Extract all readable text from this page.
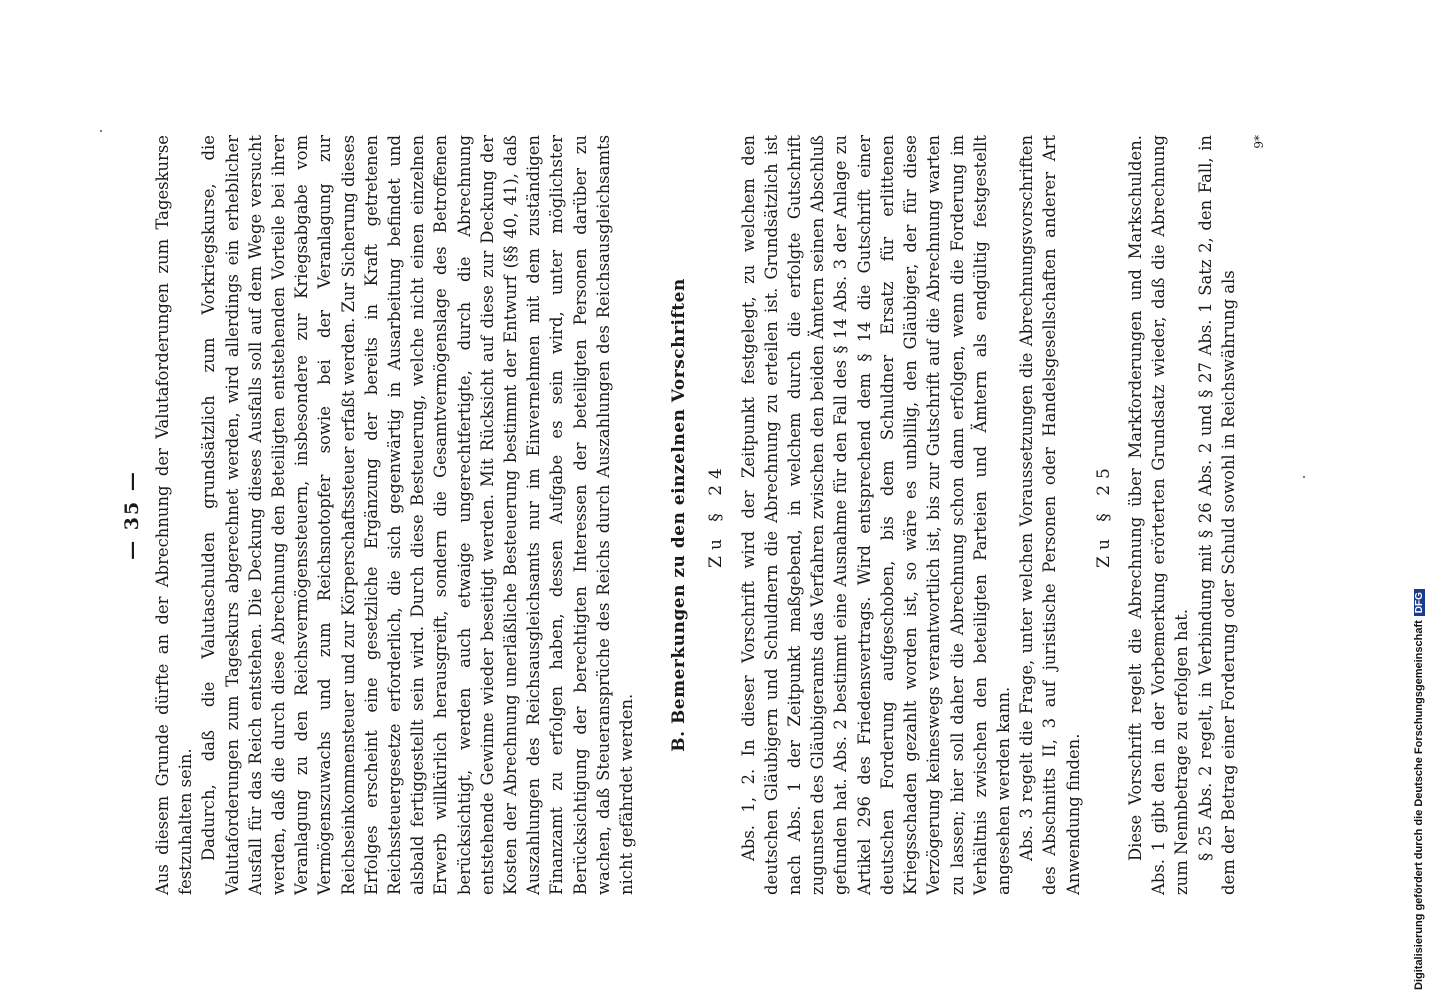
— 35 — Aus diesem Grunde dürfte an der Abrechnung der Valutaforderungen zum Tageskurse festzuhalten sein. Dadurch, daß die Valutaschulden grundsätzlich zum Vorkriegskurse, die Valutaforderungen zum Tageskurs abgerechnet werden, wird allerdings ein erheblicher Ausfall für das Reich entstehen. Die Deckung dieses Ausfalls soll auf dem Wege versucht werden, daß die durch diese Abrechnung den Beteiligten entstehenden Vorteile bei ihrer Veranlagung zu den Reichsvermögenssteuern, insbesondere zur Kriegsabgabe vom Vermögenszuwachs und zum Reichsnotopfer sowie bei der Veranlagung zur Reichseinkommensteuer und zur Körperschaftssteuer erfaßt werden. Zur Sicherung dieses Erfolges erscheint eine gesetzliche Ergänzung der bereits in Kraft getretenen Reichssteuergesetze erforderlich, die sich gegenwärtig in Ausarbeitung befindet und alsbald fertiggestellt sein wird. Durch diese Besteuerung, welche nicht einen einzelnen Erwerb willkürlich herausgreift, sondern die Gesamtvermögenslage des Betroffenen berücksichtigt, werden auch etwaige ungerechtfertigte, durch die Abrechnung entstehende Gewinne wieder beseitigt werden. Mit Rücksicht auf diese zur Deckung der Kosten der Abrechnung unerläßliche Besteuerung bestimmt der Entwurf (§§ 40, 41), daß Auszahlungen des Reichsausgleichsamts nur im Einvernehmen mit dem zuständigen Finanzamt zu erfolgen haben, dessen Aufgabe es sein wird, unter möglichster Berücksichtigung der berechtigten Interessen der beteiligten Personen darüber zu wachen, daß Steueransprüche des Reichs durch Auszahlungen des Reichsausgleichsamts nicht gefährdet werden.

B. Bemerkungen zu den einzelnen Vorschriften Zu § 24 Abs. 1, 2. In dieser Vorschrift wird der Zeitpunkt festgelegt, zu welchem den deutschen Gläubigern und Schuldnern die Abrechnung zu erteilen ist. Grundsätzlich ist nach Abs. 1 der Zeitpunkt maßgebend, in welchem durch die erfolgte Gutschrift zugunsten des Gläubigeramts das Verfahren zwischen den beiden Ämtern seinen Abschluß gefunden hat. Abs. 2 bestimmt eine Ausnahme für den Fall des § 14 Abs. 3 der Anlage zu Artikel 296 des Friedensvertrags. Wird entsprechend dem § 14 die Gutschrift einer deutschen Forderung aufgeschoben, bis dem Schuldner Ersatz für erlittenen Kriegsschaden gezahlt worden ist, so wäre es unbillig, den Gläubiger, der für diese Verzögerung keineswegs verantwortlich ist, bis zur Gutschrift auf die Abrechnung warten zu lassen; hier soll daher die Abrechnung schon dann erfolgen, wenn die Forderung im Verhältnis zwischen den beteiligten Parteien und Ämtern als endgültig festgestellt angesehen werden kann. Abs. 3 regelt die Frage, unter welchen Voraussetzungen die Abrechnungsvorschriften des Abschnitts II, 3 auf juristische Personen oder Handelsgesellschaften anderer Art Anwendung finden.

Zu § 25 Diese Vorschrift regelt die Abrechnung über Markforderungen und Markschulden. Abs. 1 gibt den in der Vorbemerkung erörterten Grundsatz wieder, daß die Abrechnung zum Nennbetrage zu erfolgen hat. § 25 Abs. 2 regelt, in Verbindung mit § 26 Abs. 2 und § 27 Abs. 1 Satz 2, den Fall, in dem der Betrag einer Forderung oder Schuld sowohl in Reichswährung als

9*

Digitalisierung gefördert durch die Deutsche ForschungsgemeinschaftDFG
